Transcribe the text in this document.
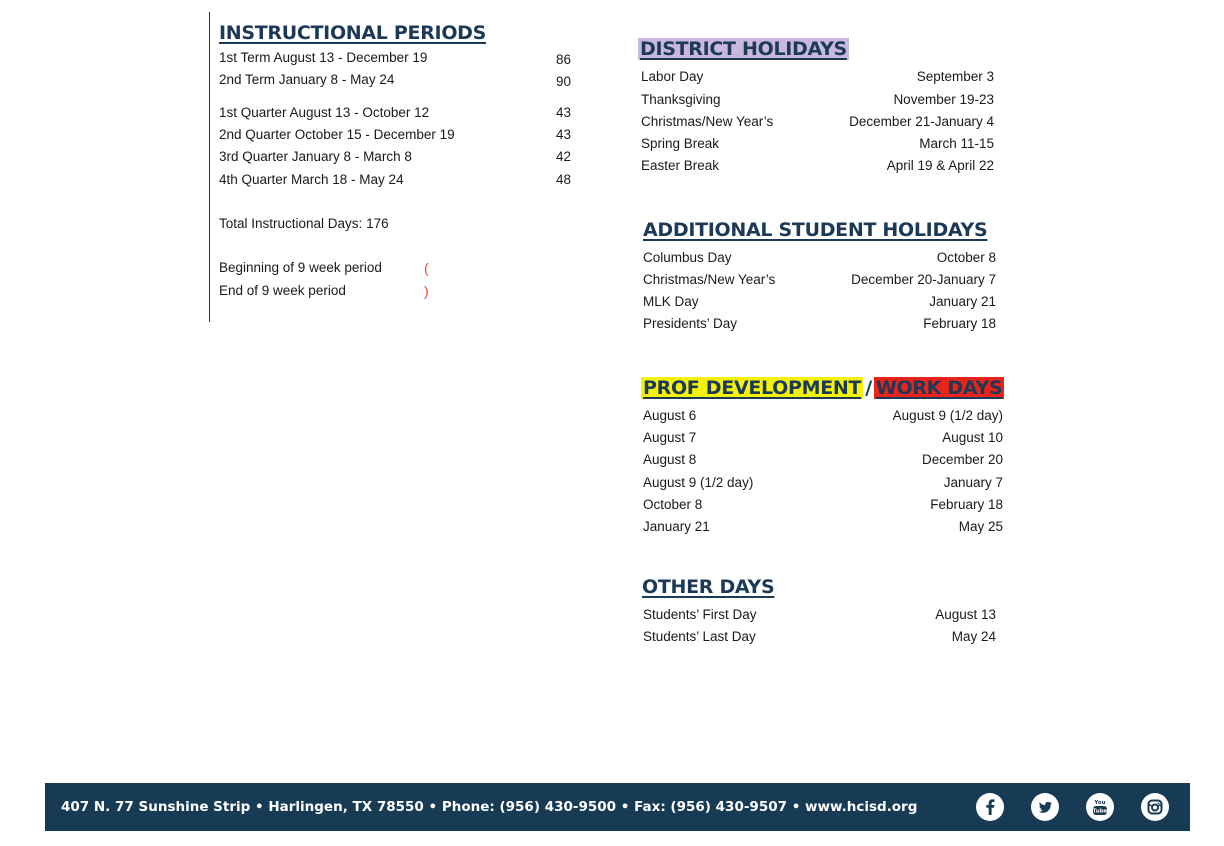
INSTRUCTIONAL PERIODS
1st Term August 13 - December 19	86
2nd Term January 8 - May 24	90
1st Quarter August 13 - October 12	43
2nd Quarter October 15 - December 19	43
3rd Quarter January 8 - March 8	42
4th Quarter March 18 - May 24	48
Total Instructional Days: 176
Beginning of 9 week period	(
End of 9 week period	)
DISTRICT HOLIDAYS
Labor Day	September 3
Thanksgiving	November 19-23
Christmas/New Year’s	December 21-January 4
Spring Break	March 11-15
Easter Break	April 19 & April 22
ADDITIONAL STUDENT HOLIDAYS
Columbus Day	October 8
Christmas/New Year’s	December 20-January 7
MLK Day	January 21
Presidents’ Day	February 18
PROF DEVELOPMENT / WORK DAYS
August 6	August 9 (1/2 day)
August 7	August 10
August 8	December 20
August 9 (1/2 day)	January 7
October 8	February 18
January 21	May 25
OTHER DAYS
Students’ First Day	August 13
Students’ Last Day	May 24
407 N. 77 Sunshine Strip • Harlingen, TX 78550 • Phone: (956) 430-9500 • Fax: (956) 430-9507 • www.hcisd.org	You
Tube
